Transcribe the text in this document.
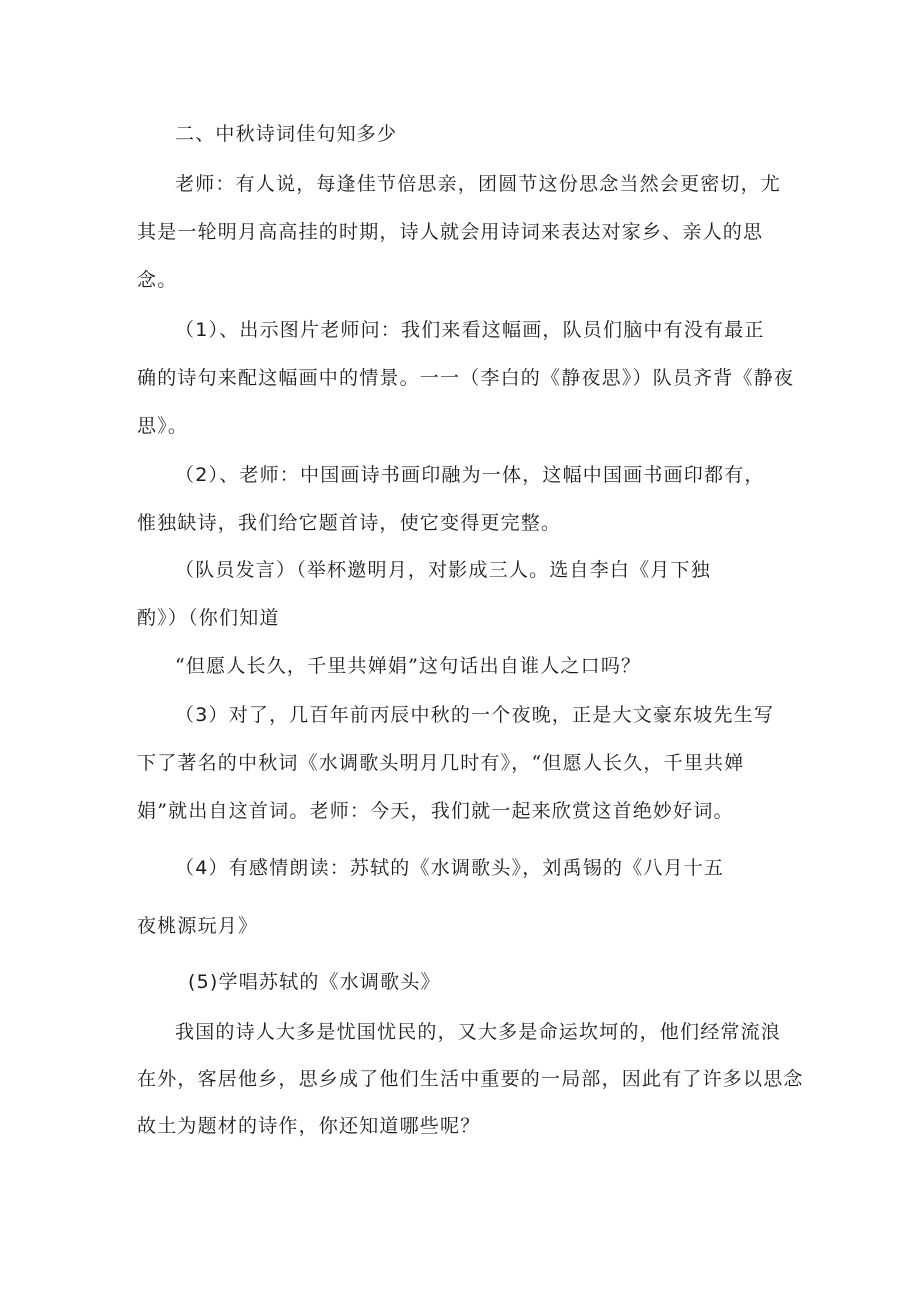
二、中秋诗词佳句知多少

老师：有人说，每逢佳节倍思亲，团圆节这份思念当然会更密切，尤

其是一轮明月高高挂的时期，诗人就会用诗词来表达对家乡、亲人的思

念。

（1）、出示图片老师问：我们来看这幅画，队员们脑中有没有最正

确的诗句来配这幅画中的情景。一一（李白的《静夜思》）队员齐背《静夜

思》。

（2）、老师：中国画诗书画印融为一体，这幅中国画书画印都有，

惟独缺诗，我们给它题首诗，使它变得更完整。

（队员发言）（举杯邀明月，对影成三人。选自李白《月下独

酌》）（你们知道

“但愿人长久，千里共婵娟”这句话出自谁人之口吗？

（3）对了，几百年前丙辰中秋的一个夜晚，正是大文豪东坡先生写

下了著名的中秋词《水调歌头明月几时有》，“但愿人长久，千里共婵

娟”就出自这首词。老师：今天，我们就一起来欣赏这首绝妙好词。

（4）有感情朗读：苏轼的《水调歌头》，刘禹锡的《八月十五

夜桃源玩月》

(5)学唱苏轼的《水调歌头》

我国的诗人大多是忧国忧民的，又大多是命运坎坷的，他们经常流浪

在外，客居他乡，思乡成了他们生活中重要的一局部，因此有了许多以思念

故土为题材的诗作，你还知道哪些呢？
